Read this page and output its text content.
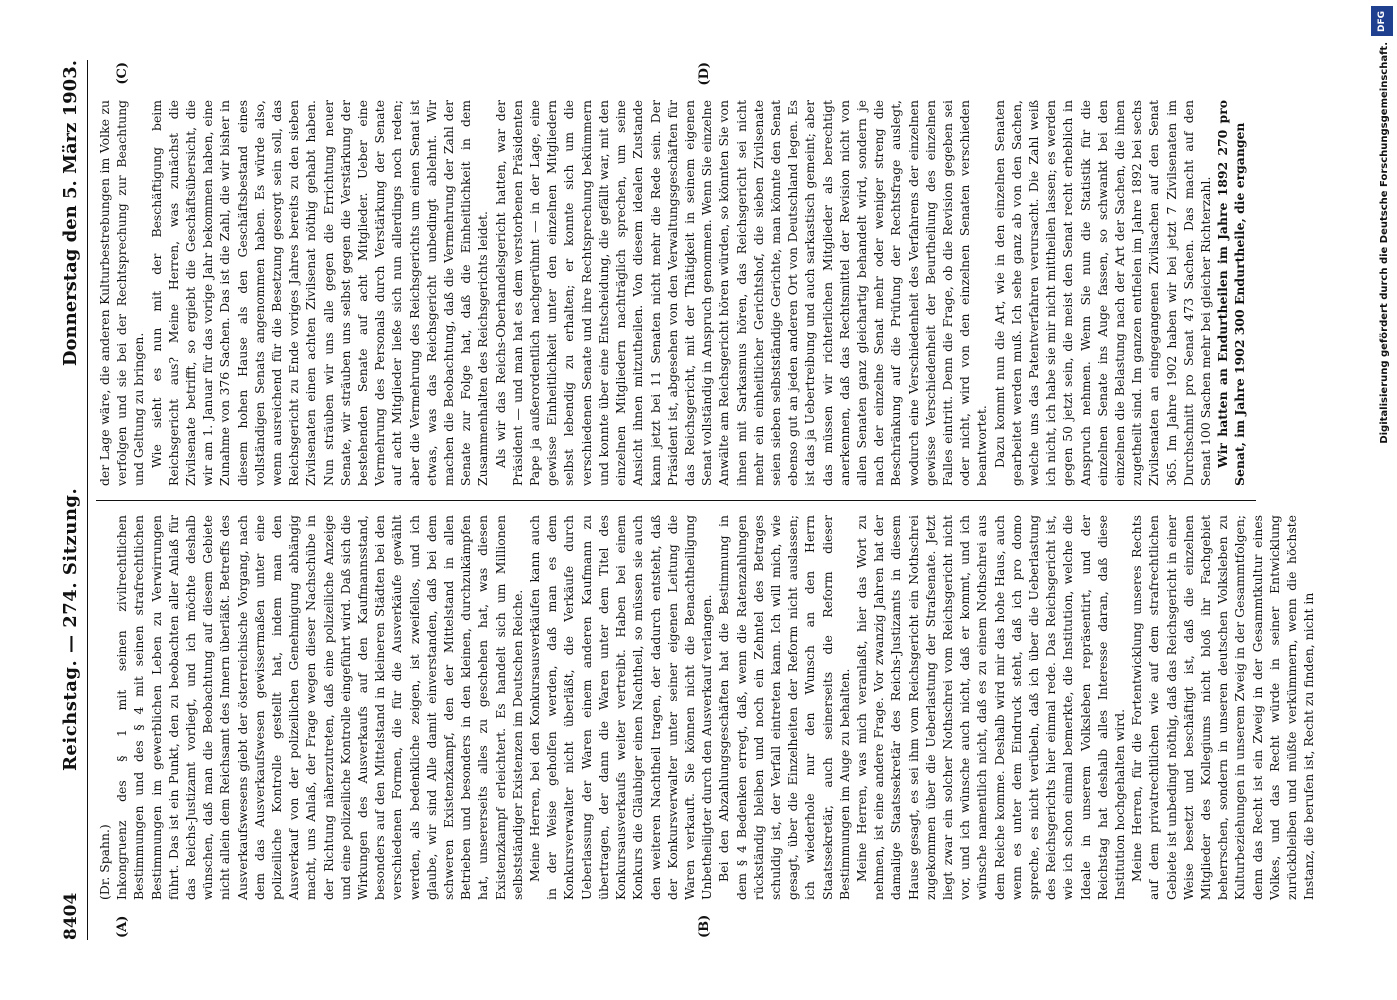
8404
Reichstag. — 274. Sitzung.
Donnerstag den 5. März 1903.
(A)	(B)

(Dr. Spahn.) Inkongruenz des § 1 mit seinen zivilrechtlichen Bestimmungen und des § 4 mit seinen strafrechtlichen Bestimmungen im gewerblichen Leben zu Verwirrungen führt. Das ist ein Punkt, den zu beobachten aller Anlaß für das Reichs-Justizamt vorliegt, und ich möchte deshalb wünschen, daß man die Beobachtung auf diesem Gebiete nicht allein dem Reichsamt des Innern überläßt. Betreffs des Ausverkaufswesens giebt der österreichische Vorgang, nach dem das Ausverkaufswesen gewissermaßen unter eine polizeiliche Kontrolle gestellt hat, indem man den Ausverkauf von der polizeilichen Genehmigung abhängig macht, uns Anlaß, der Frage wegen dieser Nachschübe in der Richtung näherzutreten, daß eine polizeiliche Anzeige und eine polizeiliche Kontrolle eingeführt wird. Daß sich die Wirkungen des Ausverkaufs auf den Kaufmannsstand, besonders auf den Mittelstand in kleineren Städten bei den verschiedenen Formen, die für die Ausverkäufe gewählt werden, als bedenkliche zeigen, ist zweifellos, und ich glaube, wir sind Alle damit einverstanden, daß bei dem schweren Existenzkampf, den der Mittelstand in allen Betrieben und besonders in den kleinen, durchzukämpfen hat, unsererseits alles zu geschehen hat, was diesen Existenzkampf erleichtert. Es handelt sich um Millionen selbstständiger Existenzen im Deutschen Reiche. Meine Herren, bei den Konkursausverkäufen kann auch in der Weise geholfen werden, daß man es dem Konkursverwalter nicht überläßt, die Verkäufe durch Ueberlassung der Waren einem anderen Kaufmann zu übertragen, der dann die Waren unter dem Titel des Konkursausverkaufs weiter vertreibt. Haben bei einem Konkurs die Gläubiger einen Nachtheil, so müssen sie auch den weiteren Nachtheil tragen, der dadurch entsteht, daß der Konkursverwalter unter seiner eigenen Leitung die Waren verkauft. Sie können nicht die Benachtheiligung Unbetheiligter durch den Ausverkauf verlangen. Bei den Abzahlungsgeschäften hat die Bestimmung in dem § 4 Bedenken erregt, daß, wenn die Ratenzahlungen rückständig bleiben und noch ein Zehntel des Betrages schuldig ist, der Verfall eintreten kann. Ich will mich, wie gesagt, über die Einzelheiten der Reform nicht auslassen; ich wiederhole nur den Wunsch an den Herrn Staatssekretär, auch seinerseits die Reform dieser Bestimmungen im Auge zu behalten. Meine Herren, was mich veranlaßt, hier das Wort zu nehmen, ist eine andere Frage. Vor zwanzig Jahren hat der damalige Staatssekretär des Reichs-Justizamts in diesem Hause gesagt, es sei ihm vom Reichsgericht ein Nothschrei zugekommen über die Ueberlastung der Strafsenate. Jetzt liegt zwar ein solcher Nothschrei vom Reichsgericht nicht vor, und ich wünsche auch nicht, daß er kommt, und ich wünsche namentlich nicht, daß es zu einem Nothschrei aus dem Reiche komme. Deshalb wird mir das hohe Haus, auch wenn es unter dem Eindruck steht, daß ich pro domo spreche, es nicht verübeln, daß ich über die Ueberlastung des Reichsgerichts hier einmal rede. Das Reichsgericht ist, wie ich schon einmal bemerkte, die Institution, welche die Ideale in unserem Volksleben repräsentirt, und der Reichstag hat deshalb alles Interesse daran, daß diese Institution hochgehalten wird. Meine Herren, für die Fortentwicklung unseres Rechts auf dem privatrechtlichen wie auf dem strafrechtlichen Gebiete ist unbedingt nöthig, daß das Reichsgericht in einer Weise besetzt und beschäftigt ist, daß die einzelnen Mitglieder des Kollegiums nicht bloß ihr Fachgebiet beherrschen, sondern in unseren deutschen Volksleben zu Kulturbeziehungen in unserem Zweig in der Gesammtfolgen; denn das Recht ist ein Zweig in der Gesammtkultur eines Volkes, und das Recht würde in seiner Entwicklung zurückbleiben und müßte verkümmern, wenn die höchste Instanz, die berufen ist, Recht zu finden, nicht in

(C)	(D)

der Lage wäre, die anderen Kulturbestrebungen im Volke zu verfolgen und sie bei der Rechtsprechung zur Beachtung und Geltung zu bringen. Wie sieht es nun mit der Beschäftigung beim Reichsgericht aus? Meine Herren, was zunächst die Zivilsenate betrifft, so ergiebt die Geschäftsübersicht, die wir am 1. Januar für das vorige Jahr bekommen haben, eine Zunahme von 376 Sachen. Das ist die Zahl, die wir bisher in diesem hohen Hause als den Geschäftsbestand eines vollständigen Senats angenommen haben. Es würde also, wenn ausreichend für die Besetzung gesorgt sein soll, das Reichsgericht zu Ende voriges Jahres bereits zu den sieben Zivilsenaten einen achten Zivilsenat nöthig gehabt haben. Nun sträuben wir uns alle gegen die Errichtung neuer Senate, wir sträuben uns selbst gegen die Verstärkung der bestehenden Senate auf acht Mitglieder. Ueber eine Vermehrung des Personals durch Verstärkung der Senate auf acht Mitglieder ließe sich nun allerdings noch reden; aber die Vermehrung des Reichsgerichts um einen Senat ist etwas, was das Reichsgericht unbedingt ablehnt. Wir machen die Beobachtung, daß die Vermehrung der Zahl der Senate zur Folge hat, daß die Einheitlichkeit in dem Zusammenhalten des Reichsgerichts leidet. Als wir das Reichs-Oberhandelsgericht hatten, war der Präsident — und man hat es dem verstorbenen Präsidenten Pape ja außerordentlich nachgerühmt — in der Lage, eine gewisse Einheitlichkeit unter den einzelnen Mitgliedern selbst lebendig zu erhalten; er konnte sich um die verschiedenen Senate und ihre Rechtsprechung bekümmern und konnte über eine Entscheidung, die gefällt war, mit den einzelnen Mitgliedern nachträglich sprechen, um seine Ansicht ihnen mitzutheilen. Von diesem idealen Zustande kann jetzt bei 11 Senaten nicht mehr die Rede sein. Der Präsident ist, abgesehen von den Verwaltungsgeschäften für das Reichsgericht, mit der Thätigkeit in seinem eigenen Senat vollständig in Anspruch genommen. Wenn Sie einzelne Anwälte am Reichsgericht hören würden, so könnten Sie von ihnen mit Sarkasmus hören, das Reichsgericht sei nicht mehr ein einheitlicher Gerichtshof, die sieben Zivilsenate seien sieben selbstständige Gerichte, man könnte den Senat ebenso gut an jeden anderen Ort von Deutschland legen. Es ist das ja Uebertreibung und auch sarkastisch gemeint; aber das müssen wir richterlichen Mitglieder als berechtigt anerkennen, daß das Rechtsmittel der Revision nicht von allen Senaten ganz gleichartig behandelt wird, sondern je nach der einzelne Senat mehr oder weniger streng die Beschränkung auf die Prüfung der Rechtsfrage auslegt, wodurch eine Verschiedenheit des Verfahrens der einzelnen gewisse Verschiedenheit der Beurtheilung des einzelnen Falles eintritt. Denn die Frage, ob die Revision gegeben sei oder nicht, wird von den einzelnen Senaten verschieden beantwortet. Dazu kommt nun die Art, wie in den einzelnen Senaten gearbeitet werden muß. Ich sehe ganz ab von den Sachen, welche uns das Patentverfahren verursacht. Die Zahl weiß ich nicht, ich habe sie mir nicht mittheilen lassen; es werden gegen 50 jetzt sein, die meist den Senat recht erheblich in Anspruch nehmen. Wenn Sie nun die Statistik für die einzelnen Senate ins Auge fassen, so schwankt bei den einzelnen die Belastung nach der Art der Sachen, die ihnen zugetheilt sind. Im ganzen entfielen im Jahre 1892 bei sechs Zivilsenaten an eingegangenen Zivilsachen auf den Senat 365. Im Jahre 1902 haben wir bei jetzt 7 Zivilsenaten im Durchschnitt pro Senat 473 Sachen. Das macht auf den Senat 100 Sachen mehr bei gleicher Richterzahl. Wir hatten an Endurtheilen im Jahre 1892 270 pro Senat, im Jahre 1902 300 Endurtheile, die ergangen

DFG
Digitalisierung gefördert durch die Deutsche Forschungsgemeinschaft.
